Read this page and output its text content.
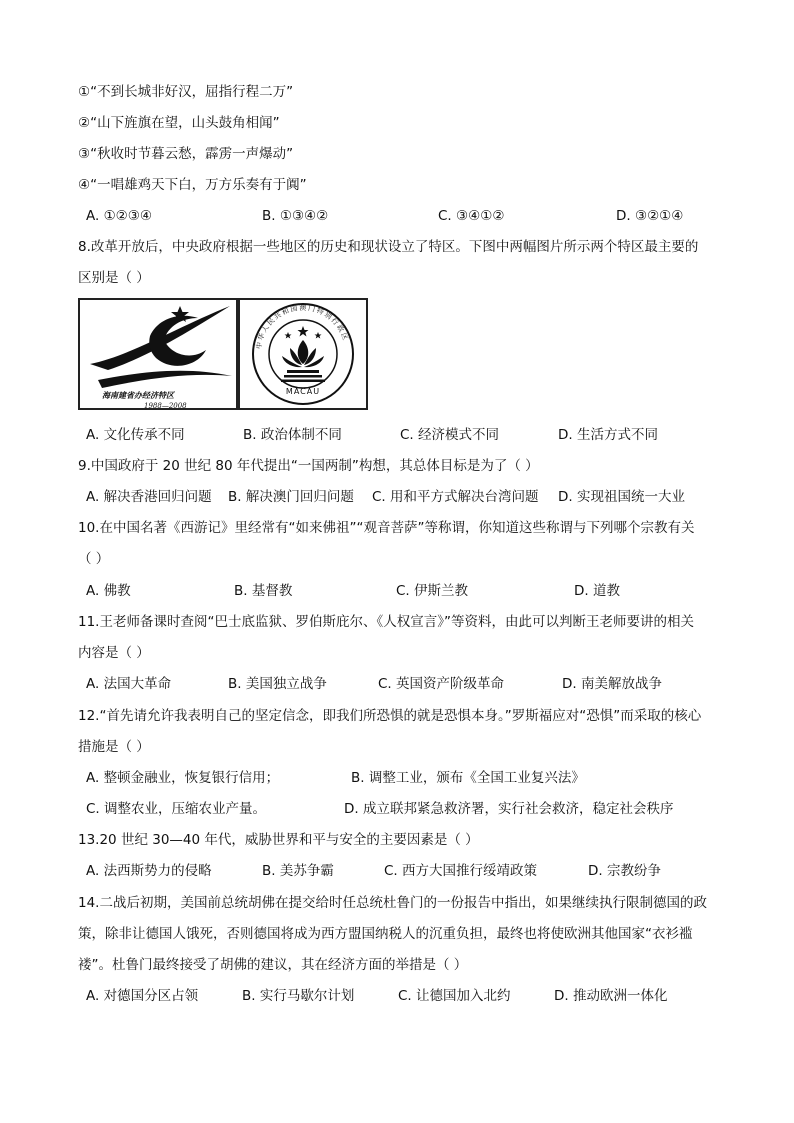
①“不到长城非好汉，屈指行程二万”
②“山下旌旗在望，山头鼓角相闻”
③“秋收时节暮云愁，霹雳一声爆动”
④“一唱雄鸡天下白，万方乐奏有于阗”
A. ①②③④	B. ①③④②	C. ③④①②	D. ③②①④
8.改革开放后，中央政府根据一些地区的历史和现状设立了特区。下图中两幅图片所示两个特区最主要的
区别是（ ）
海南建省办经济特区
1988—2008
中华人民共和国澳门特别行政区
MACAU
A. 文化传承不同	B. 政治体制不同	C. 经济模式不同	D. 生活方式不同
9.中国政府于 20 世纪 80 年代提出“一国两制”构想，其总体目标是为了（ ）
A. 解决香港回归问题 B. 解决澳门回归问题 C. 用和平方式解决台湾问题 D. 实现祖国统一大业
10.在中国名著《西游记》里经常有“如来佛祖”“观音菩萨”等称谓，你知道这些称谓与下列哪个宗教有关
（ ）
A. 佛教	B. 基督教	C. 伊斯兰教	D. 道教
11.王老师备课时查阅“巴士底监狱、罗伯斯庇尔、《人权宣言》”等资料，由此可以判断王老师要讲的相关
内容是（ ）
A. 法国大革命	B. 美国独立战争	C. 英国资产阶级革命	D. 南美解放战争
12.“首先请允许我表明自己的坚定信念，即我们所恐惧的就是恐惧本身。”罗斯福应对“恐惧”而采取的核心
措施是（ ）
A. 整顿金融业，恢复银行信用；	B. 调整工业，颁布《全国工业复兴法》
C. 调整农业，压缩农业产量。	D. 成立联邦紧急救济署，实行社会救济，稳定社会秩序
13.20 世纪 30—40 年代，威胁世界和平与安全的主要因素是（ ）
A. 法西斯势力的侵略	B. 美苏争霸	C. 西方大国推行绥靖政策	D. 宗教纷争
14.二战后初期，美国前总统胡佛在提交给时任总统杜鲁门的一份报告中指出，如果继续执行限制德国的政
策，除非让德国人饿死，否则德国将成为西方盟国纳税人的沉重负担，最终也将使欧洲其他国家“衣衫褴
褛”。杜鲁门最终接受了胡佛的建议，其在经济方面的举措是（ ）
A. 对德国分区占领	B. 实行马歇尔计划	C. 让德国加入北约	D. 推动欧洲一体化
